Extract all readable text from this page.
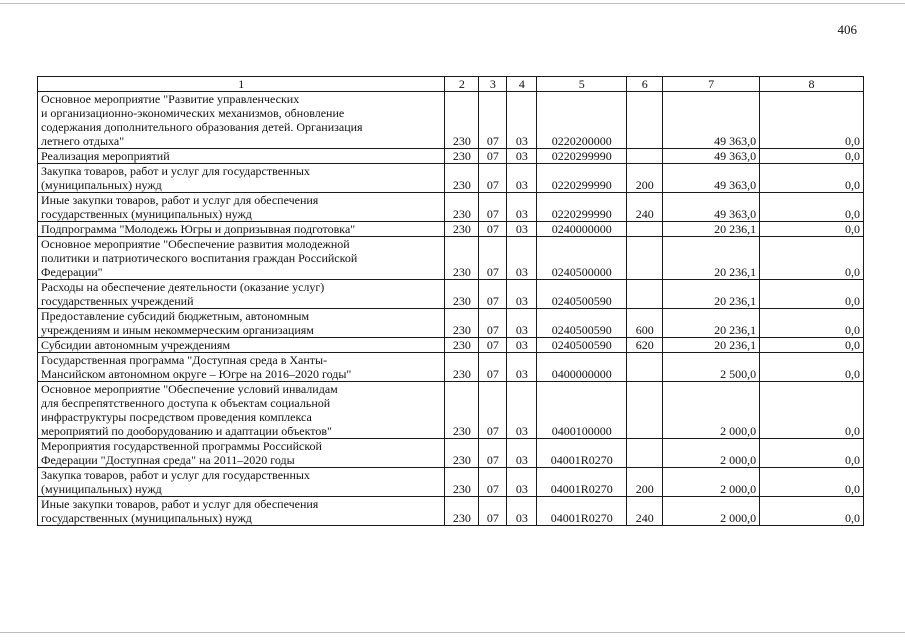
406
1	2	3	4	5	6	7	8
Основное мероприятие "Развитие управленческих
и организационно-экономических механизмов, обновление
содержания дополнительного образования детей. Организация
летнего отдыха"	230	07	03	0220200000		49 363,0	0,0
Реализация мероприятий	230	07	03	0220299990		49 363,0	0,0
Закупка товаров, работ и услуг для государственных
(муниципальных) нужд	230	07	03	0220299990	200	49 363,0	0,0
Иные закупки товаров, работ и услуг для обеспечения
государственных (муниципальных) нужд	230	07	03	0220299990	240	49 363,0	0,0
Подпрограмма "Молодежь Югры и допризывная подготовка"	230	07	03	0240000000		20 236,1	0,0
Основное мероприятие "Обеспечение развития молодежной
политики и патриотического воспитания граждан Российской
Федерации"	230	07	03	0240500000		20 236,1	0,0
Расходы на обеспечение деятельности (оказание услуг)
государственных учреждений	230	07	03	0240500590		20 236,1	0,0
Предоставление субсидий бюджетным, автономным
учреждениям и иным некоммерческим организациям	230	07	03	0240500590	600	20 236,1	0,0
Субсидии автономным учреждениям	230	07	03	0240500590	620	20 236,1	0,0
Государственная программа "Доступная среда в Ханты-
Мансийском автономном округе – Югре на 2016–2020 годы"	230	07	03	0400000000		2 500,0	0,0
Основное мероприятие "Обеспечение условий инвалидам
для беспрепятственного доступа к объектам социальной
инфраструктуры посредством проведения комплекса
мероприятий по дооборудованию и адаптации объектов"	230	07	03	0400100000		2 000,0	0,0
Мероприятия государственной программы Российской
Федерации "Доступная среда" на 2011–2020 годы	230	07	03	04001R0270		2 000,0	0,0
Закупка товаров, работ и услуг для государственных
(муниципальных) нужд	230	07	03	04001R0270	200	2 000,0	0,0
Иные закупки товаров, работ и услуг для обеспечения
государственных (муниципальных) нужд	230	07	03	04001R0270	240	2 000,0	0,0
